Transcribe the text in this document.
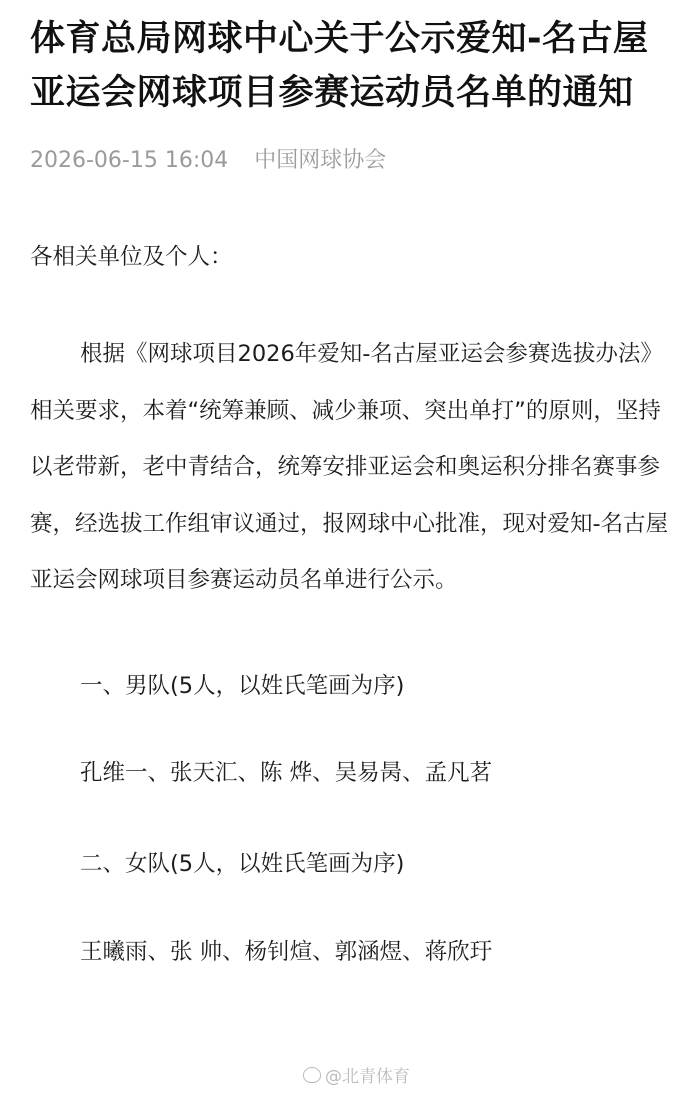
体育总局网球中心关于公示爱知-名古屋亚运会网球项目参赛运动员名单的通知
2026-06-15 16:04 中国网球协会
各相关单位及个人：
根据《网球项目2026年爱知-名古屋亚运会参赛选拔办法》相关要求，本着“统筹兼顾、减少兼项、突出单打”的原则，坚持以老带新，老中青结合，统筹安排亚运会和奥运积分排名赛事参赛，经选拔工作组审议通过，报网球中心批准，现对爱知-名古屋亚运会网球项目参赛运动员名单进行公示。
一、男队(5人，以姓氏笔画为序)
孔维一、张天汇、陈 烨、吴易昺、孟凡茗
二、女队(5人，以姓氏笔画为序)
王曦雨、张 帅、杨钊煊、郭涵煜、蒋欣玗
@北青体育
